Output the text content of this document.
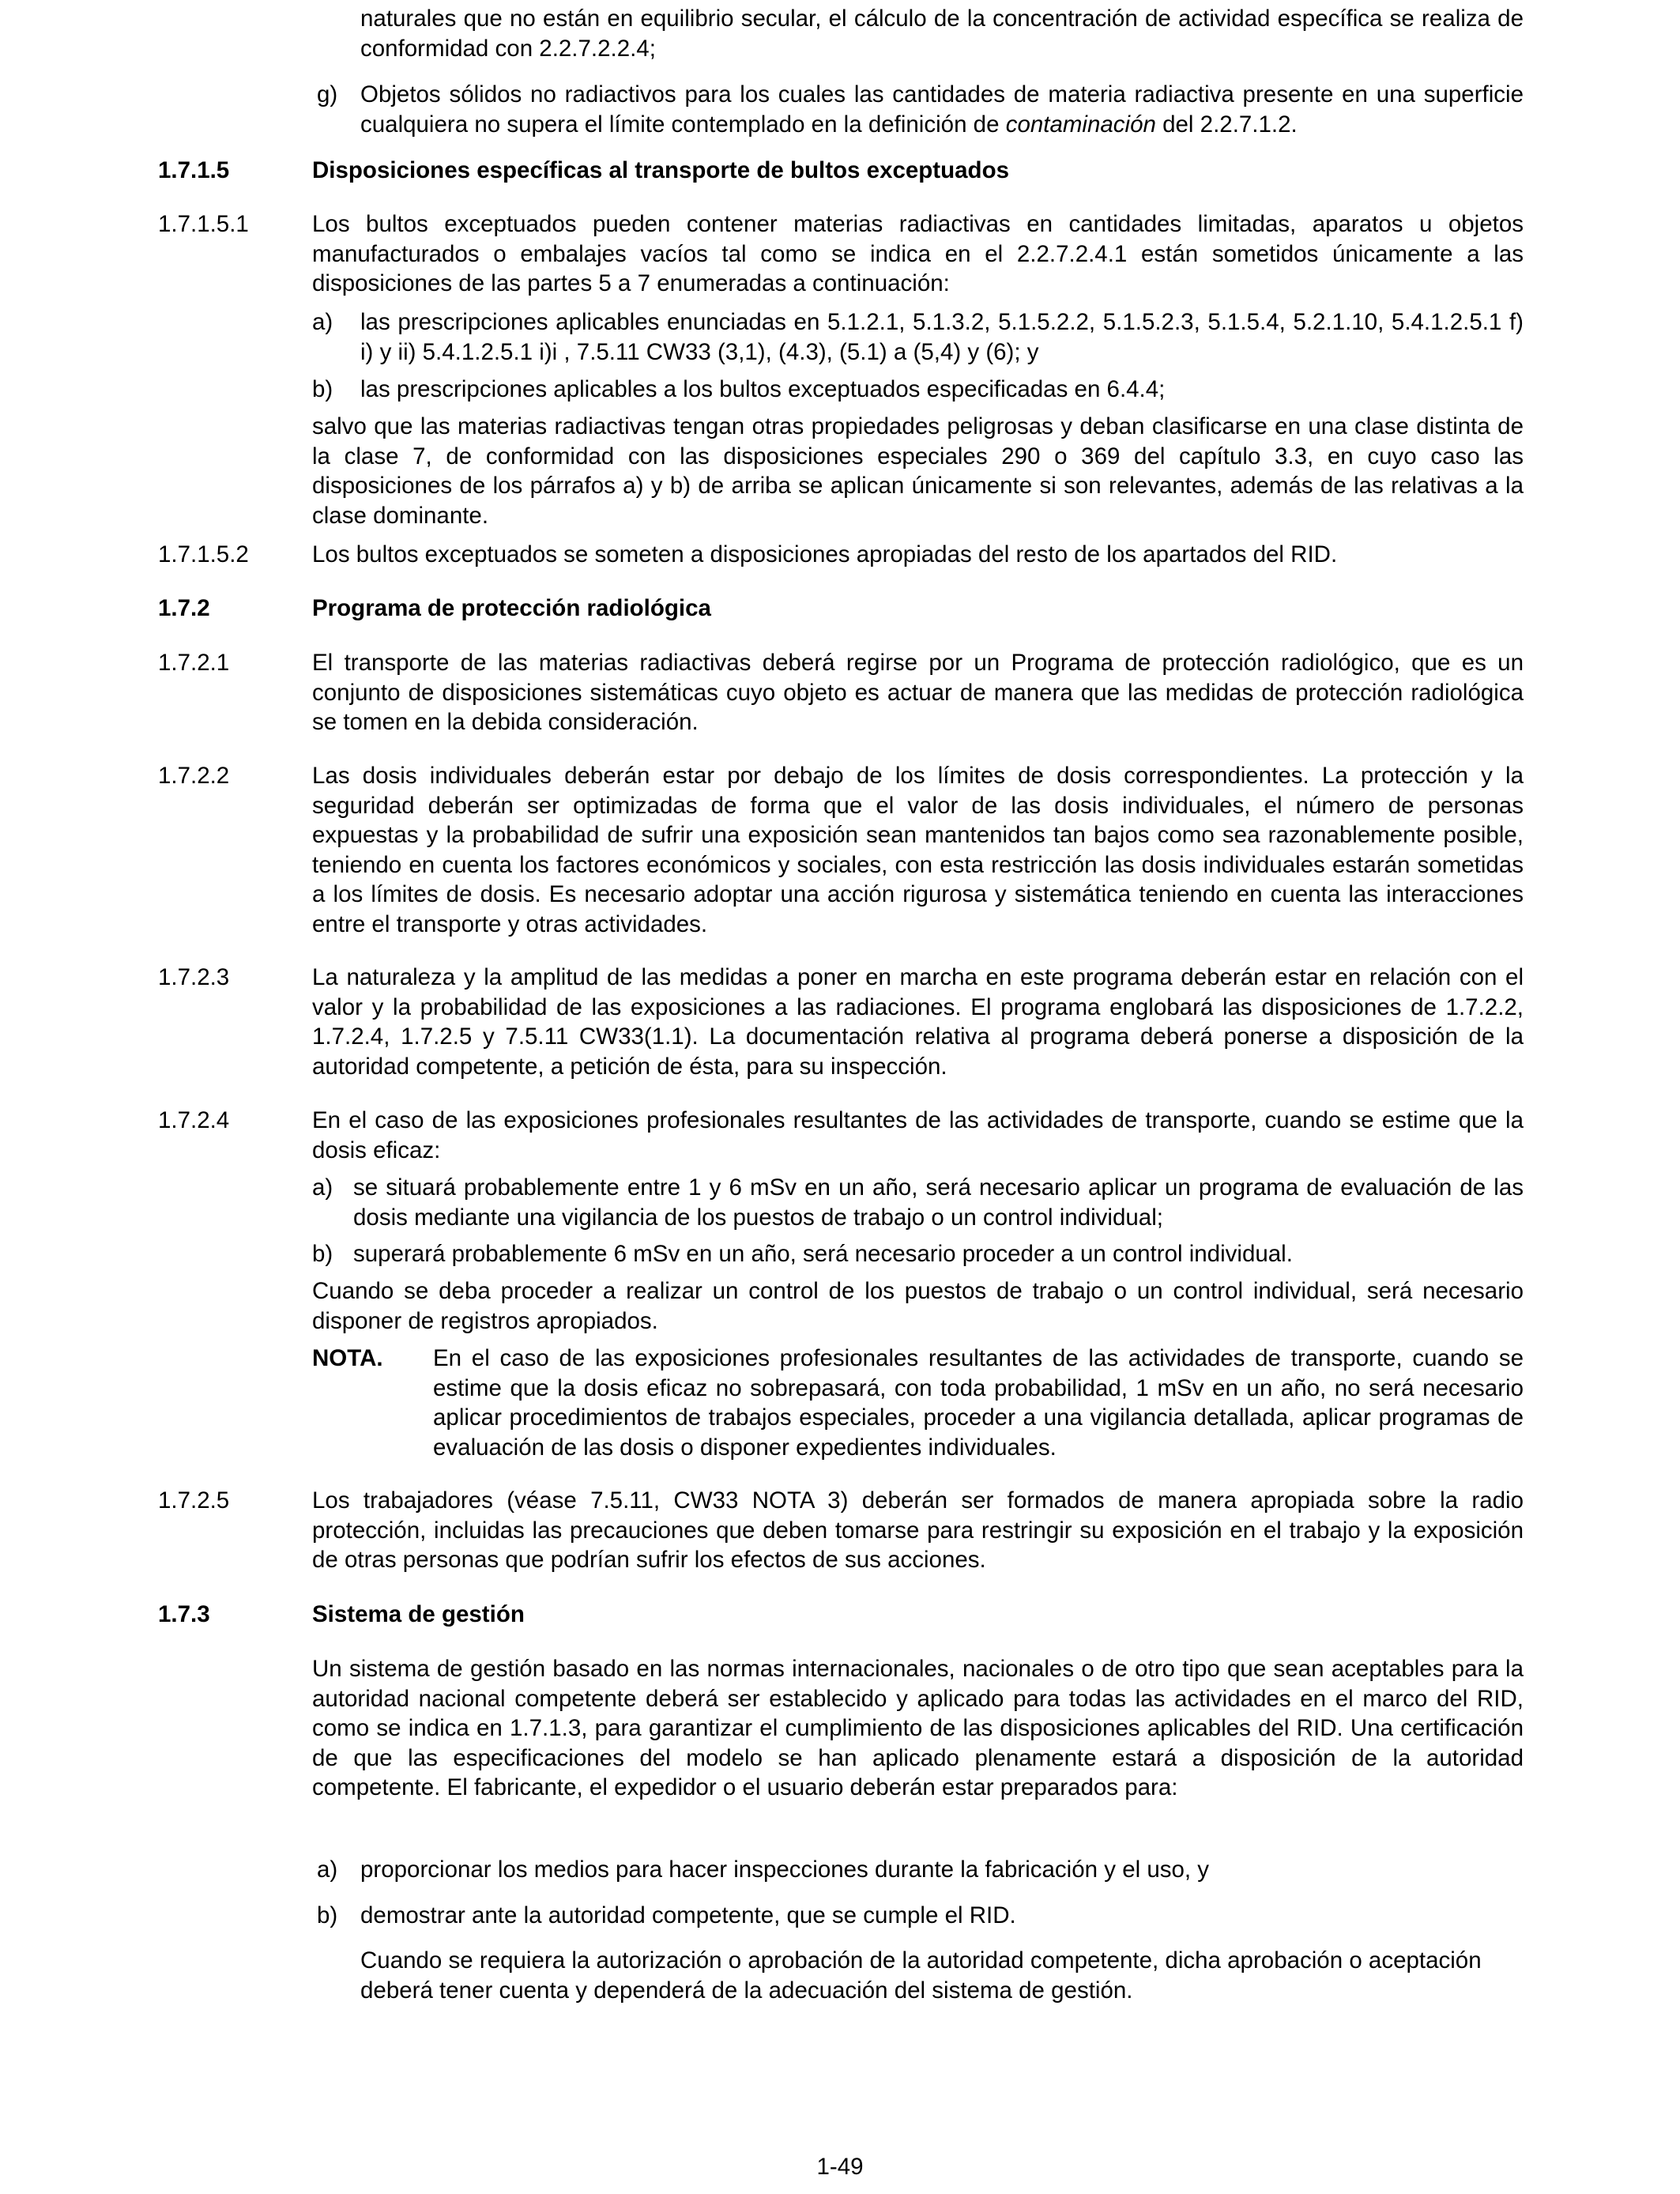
naturales que no están en equilibrio secular, el cálculo de la concentración de actividad específica se realiza de conformidad con 2.2.7.2.2.4;
g) Objetos sólidos no radiactivos para los cuales las cantidades de materia radiactiva presente en una superficie cualquiera no supera el límite contemplado en la definición de contaminación del 2.2.7.1.2.
1.7.1.5	Disposiciones específicas al transporte de bultos exceptuados
1.7.1.5.1	Los bultos exceptuados pueden contener materias radiactivas en cantidades limitadas, aparatos u objetos manufacturados o embalajes vacíos tal como se indica en el 2.2.7.2.4.1 están sometidos únicamente a las disposiciones de las partes 5 a 7 enumeradas a continuación:
a) las prescripciones aplicables enunciadas en 5.1.2.1, 5.1.3.2, 5.1.5.2.2, 5.1.5.2.3, 5.1.5.4, 5.2.1.10, 5.4.1.2.5.1 f) i) y ii) 5.4.1.2.5.1 i)i , 7.5.11 CW33 (3,1), (4.3), (5.1) a (5,4) y (6); y
b) las prescripciones aplicables a los bultos exceptuados especificadas en 6.4.4;
salvo que las materias radiactivas tengan otras propiedades peligrosas y deban clasificarse en una clase distinta de la clase 7, de conformidad con las disposiciones especiales 290 o 369 del capítulo 3.3, en cuyo caso las disposiciones de los párrafos a) y b) de arriba se aplican únicamente si son relevantes, además de las relativas a la clase dominante.
1.7.1.5.2	Los bultos exceptuados se someten a disposiciones apropiadas del resto de los apartados del RID.
1.7.2	Programa de protección radiológica
1.7.2.1	El transporte de las materias radiactivas deberá regirse por un Programa de protección radiológico, que es un conjunto de disposiciones sistemáticas cuyo objeto es actuar de manera que las medidas de protección radiológica se tomen en la debida consideración.
1.7.2.2	Las dosis individuales deberán estar por debajo de los límites de dosis correspondientes. La protección y la seguridad deberán ser optimizadas de forma que el valor de las dosis individuales, el número de personas expuestas y la probabilidad de sufrir una exposición sean mantenidos tan bajos como sea razonablemente posible, teniendo en cuenta los factores económicos y sociales, con esta restricción las dosis individuales estarán sometidas a los límites de dosis. Es necesario adoptar una acción rigurosa y sistemática teniendo en cuenta las interacciones entre el transporte y otras actividades.
1.7.2.3	La naturaleza y la amplitud de las medidas a poner en marcha en este programa deberán estar en relación con el valor y la probabilidad de las exposiciones a las radiaciones. El programa englobará las disposiciones de 1.7.2.2, 1.7.2.4, 1.7.2.5 y 7.5.11 CW33(1.1). La documentación relativa al programa deberá ponerse a disposición de la autoridad competente, a petición de ésta, para su inspección.
1.7.2.4	En el caso de las exposiciones profesionales resultantes de las actividades de transporte, cuando se estime que la dosis eficaz:
a) se situará probablemente entre 1 y 6 mSv en un año, será necesario aplicar un programa de evaluación de las dosis mediante una vigilancia de los puestos de trabajo o un control individual;
b) superará probablemente 6 mSv en un año, será necesario proceder a un control individual.
Cuando se deba proceder a realizar un control de los puestos de trabajo o un control individual, será necesario disponer de registros apropiados.
NOTA. En el caso de las exposiciones profesionales resultantes de las actividades de transporte, cuando se estime que la dosis eficaz no sobrepasará, con toda probabilidad, 1 mSv en un año, no será necesario aplicar procedimientos de trabajos especiales, proceder a una vigilancia detallada, aplicar programas de evaluación de las dosis o disponer expedientes individuales.
1.7.2.5	Los trabajadores (véase 7.5.11, CW33 NOTA 3) deberán ser formados de manera apropiada sobre la radio protección, incluidas las precauciones que deben tomarse para restringir su exposición en el trabajo y la exposición de otras personas que podrían sufrir los efectos de sus acciones.
1.7.3	Sistema de gestión
Un sistema de gestión basado en las normas internacionales, nacionales o de otro tipo que sean aceptables para la autoridad nacional competente deberá ser establecido y aplicado para todas las actividades en el marco del RID, como se indica en 1.7.1.3, para garantizar el cumplimiento de las disposiciones aplicables del RID. Una certificación de que las especificaciones del modelo se han aplicado plenamente estará a disposición de la autoridad competente. El fabricante, el expedidor o el usuario deberán estar preparados para:
a) proporcionar los medios para hacer inspecciones durante la fabricación y el uso, y
b) demostrar ante la autoridad competente, que se cumple el RID.
Cuando se requiera la autorización o aprobación de la autoridad competente, dicha aprobación o aceptación deberá tener cuenta y dependerá de la adecuación del sistema de gestión.
1-49
